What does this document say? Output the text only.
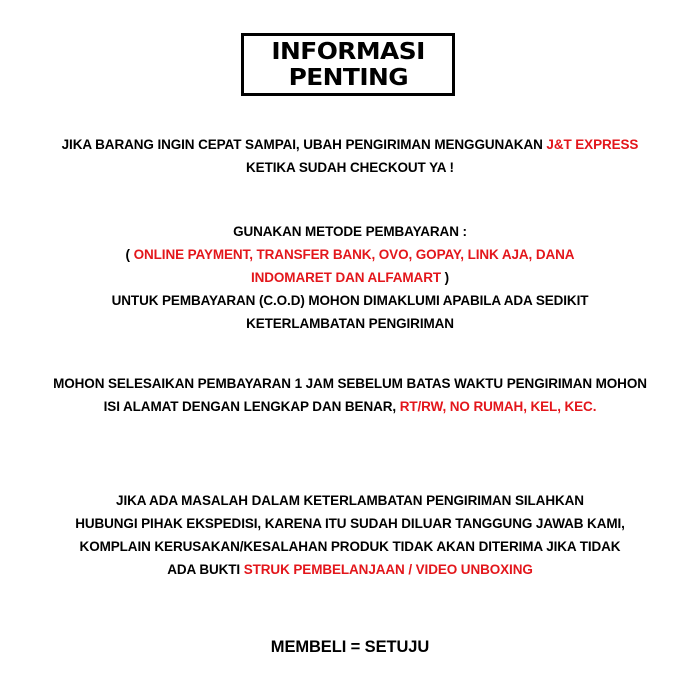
INFORMASI
PENTING
JIKA BARANG INGIN CEPAT SAMPAI, UBAH PENGIRIMAN MENGGUNAKAN J&T EXPRESS
KETIKA SUDAH CHECKOUT YA !
GUNAKAN METODE PEMBAYARAN :
( ONLINE PAYMENT, TRANSFER BANK, OVO, GOPAY, LINK AJA, DANA
INDOMARET DAN ALFAMART )
UNTUK PEMBAYARAN (C.O.D) MOHON DIMAKLUMI APABILA ADA SEDIKIT
KETERLAMBATAN PENGIRIMAN
MOHON SELESAIKAN PEMBAYARAN 1 JAM SEBELUM BATAS WAKTU PENGIRIMAN MOHON
ISI ALAMAT DENGAN LENGKAP DAN BENAR, RT/RW, NO RUMAH, KEL, KEC.
JIKA ADA MASALAH DALAM KETERLAMBATAN PENGIRIMAN SILAHKAN
HUBUNGI PIHAK EKSPEDISI, KARENA ITU SUDAH DILUAR TANGGUNG JAWAB KAMI,
KOMPLAIN KERUSAKAN/KESALAHAN PRODUK TIDAK AKAN DITERIMA JIKA TIDAK
ADA BUKTI STRUK PEMBELANJAAN / VIDEO UNBOXING
MEMBELI = SETUJU
